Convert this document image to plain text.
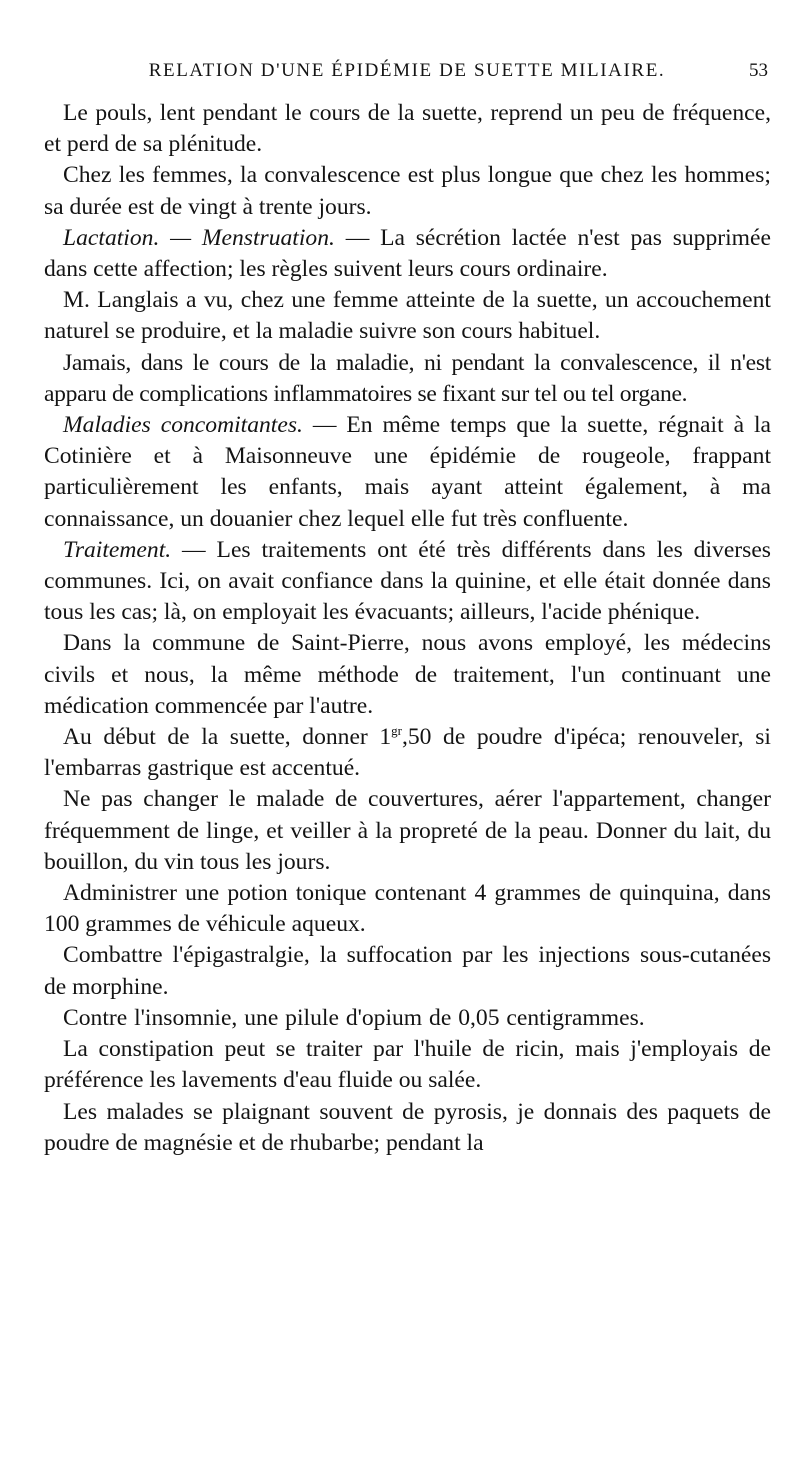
RELATION D'UNE ÉPIDÉMIE DE SUETTE MILIAIRE.	53

Le pouls, lent pendant le cours de la suette, reprend un peu de fréquence, et perd de sa plénitude.

Chez les femmes, la convalescence est plus longue que chez les hommes; sa durée est de vingt à trente jours.

Lactation. — Menstruation. — La sécrétion lactée n'est pas supprimée dans cette affection; les règles suivent leurs cours ordinaire.

M. Langlais a vu, chez une femme atteinte de la suette, un accouchement naturel se produire, et la maladie suivre son cours habituel.

Jamais, dans le cours de la maladie, ni pendant la convalescence, il n'est apparu de complications inflammatoires se fixant sur tel ou tel organe.

Maladies concomitantes. — En même temps que la suette, régnait à la Cotinière et à Maisonneuve une épidémie de rougeole, frappant particulièrement les enfants, mais ayant atteint également, à ma connaissance, un douanier chez lequel elle fut très confluente.

Traitement. — Les traitements ont été très différents dans les diverses communes. Ici, on avait confiance dans la quinine, et elle était donnée dans tous les cas; là, on employait les évacuants; ailleurs, l'acide phénique.

Dans la commune de Saint-Pierre, nous avons employé, les médecins civils et nous, la même méthode de traitement, l'un continuant une médication commencée par l'autre.

Au début de la suette, donner $1^{gr},50$ de poudre d'ipéca; renouveler, si l'embarras gastrique est accentué.

Ne pas changer le malade de couvertures, aérer l'appartement, changer fréquemment de linge, et veiller à la propreté de la peau. Donner du lait, du bouillon, du vin tous les jours.

Administrer une potion tonique contenant 4 grammes de quinquina, dans 100 grammes de véhicule aqueux.

Combattre l'épigastralgie, la suffocation par les injections sous-cutanées de morphine.

Contre l'insomnie, une pilule d'opium de 0,05 centigrammes.

La constipation peut se traiter par l'huile de ricin, mais j'employais de préférence les lavements d'eau fluide ou salée.

Les malades se plaignant souvent de pyrosis, je donnais des paquets de poudre de magnésie et de rhubarbe; pendant la
